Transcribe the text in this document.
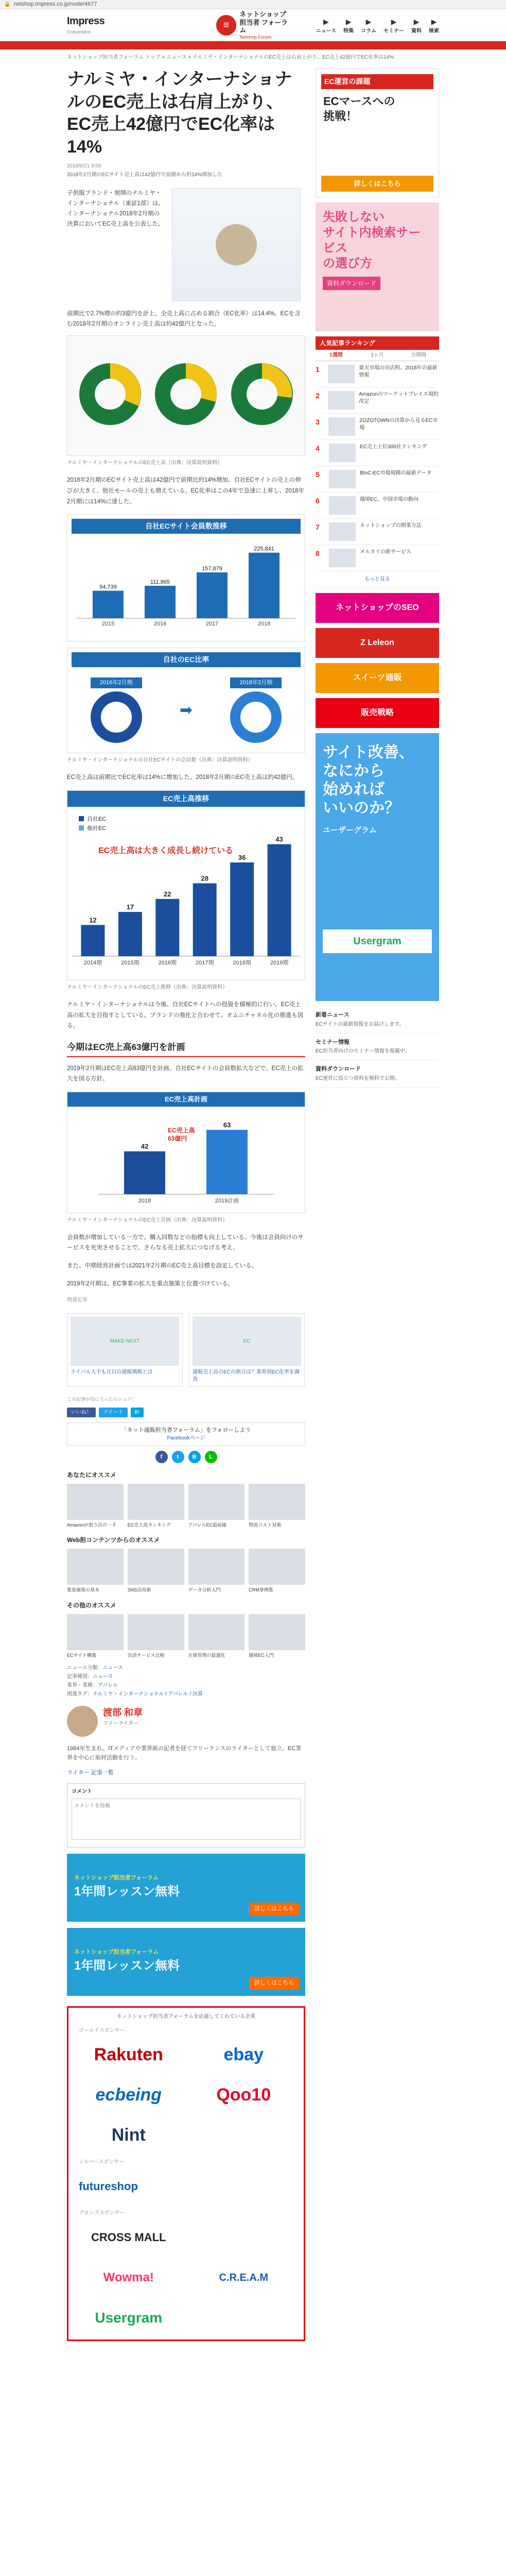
🔒 netshop.impress.co.jp/node/4677
Impress
Corporation
≡
ネットショップ
担当者 フォーラム
Netshop Forum
▶
ニュース
▶
特集
▶
コラム
▶
セミナー
▶
資料
▶
検索
ネットショップ担当者フォーラム トップ > ニュース > ナルミヤ・インターナショナルのEC売上は右肩上がり、EC売上42億円でEC化率は14%
ナルミヤ・インターナショナルのEC売上は右肩上がり、EC売上42億円でEC化率は14%
2018/6/21 9:00
2018年2月期のECサイト売上高は42億円で前期から約14%増加した
子供服ブランド・展開のナルミヤ・インターナショナル（東証1部）は、インターナショナル2018年2月期の決算においてEC売上高を公表した。
前期比で2.7%増の約3億円を計上。全売上高に占める割合（EC化率）は14.4%。ECを含む2018年2月期のオンライン売上高は約42億円となった。
ナルミヤ・インターナショナルのEC売上高（出典：決算説明資料）

2018年2月期のECサイト売上高は42億円で前期比約14%増加。自社ECサイトの売上の伸びが大きく、他社モールの売上も増えている。EC化率はこの4年で急速に上昇し、2018年2月期には14%に達した。

自社ECサイト会員数推移
94,739
2015
111,865
2016
157,879
2017
225,841
2018
自社のEC比率
2016年2月期
➡
2018年2月期
ナルミヤ・インターナショナルの自社ECサイトの会員数（出典：決算説明資料）

EC売上高は前期比でEC化率は14%に増加した。2018年2月期のEC売上高は約42億円。

EC売上高推移
自社EC
他社EC
EC売上高は大きく成長し続けている
12
2014期
17
2015期
22
2016期
28
2017期
36
2018期
43
2019期
ナルミヤ・インターナショナルのEC売上推移（出典：決算説明資料）

ナルミヤ・インターナショナルは今後、自社ECサイトへの投資を積極的に行い、EC売上高の拡大を目指すとしている。ブランドの強化と合わせて、オムニチャネル化の推進も図る。

今期はEC売上高63億円を計画

2019年2月期はEC売上高63億円を計画。自社ECサイトの会員数拡大などで、EC売上の拡大を図る方針。

EC売上高計画
42
2018
63
2019計画
EC売上高
63億円
ナルミヤ・インターナショナルのEC売上計画（出典：決算説明資料）

会員数が増加している一方で、購入回数などの指標も向上している。今後は会員向けのサービスを充実させることで、さらなる売上拡大につなげる考え。

また、中期経営計画では2021年2月期のEC売上高目標を設定している。

2019年2月期は、EC事業の拡大を重点施策と位置づけている。

関連記事
MAKE NEXT
ライバル大手も注目の通販戦略とは
EC
通販売上高のECの割合は？業界別EC化率を調査
この記事が役に立ったらシェア！
いいね！	ツイート	B!
「ネット通販担当者フォーラム」をフォローしよう
Facebookページ
f	t	B	L
あなたにオススメ
Amazonが狙う次の一手	EC売上高ランキング	アパレルEC最前線	物流コスト対策
Web担コンテンツからのオススメ
集客施策の基本	SNS活用術	データ分析入門	CRM事例集
その他のオススメ
ECサイト構築	決済サービス比較	在庫管理の最適化	越境EC入門
ニュース分類：ニュース
記事種別：ニュース
業界・業種：アパレル
関連タグ：ナルミヤ・インターナショナル / アパレル / 決算
渡部 和章
フリーライター
1984年生まれ。ITメディアや業界紙の記者を経てフリーランスのライターとして独立。EC業界を中心に取材活動を行う。
ライター 記事一覧
コメント
コメントを投稿
ネットショップ担当者フォーラム
1年間レッスン無料
詳しくはこちら
ネットショップ担当者フォーラム
1年間レッスン無料
詳しくはこちら
ネットショップ担当者フォーラムを応援してくれている企業
ゴールドスポンサー
Rakuten	ebay
ecbeing	Qoo10
Nint
シルバースポンサー
futureshop
ブロンズスポンサー
CROSS MALL
Wowma!	C.R.E.A.M
Usergram
EC運営の課題
ECマースへの
挑戦！
詳しくはこちら
失敗しない
サイト内検索サービス
の選び方
資料ダウンロード
人気記事ランキング
1週間	1ヶ月	全期間
1	楽天市場の出店料、2018年の最新情報
2	Amazonのマーケットプレイス規約改定
3	ZOZOTOWNの決算から見るEC市場
4	EC売上上位300社ランキング
5	BtoC-EC市場規模の最新データ
6	越境EC、中国市場の動向
7	ネットショップの開業方法
8	メルカリの新サービス
もっと見る
ネットショップのSEO
Z Leleon
スイーツ通販
販売戦略
サイト改善、
なにから
始めれば
いいのか？
ユーザーグラム
Usergram
新着ニュース
ECサイトの最新情報をお届けします。
セミナー情報
EC担当者向けのセミナー情報を掲載中。
資料ダウンロード
EC運営に役立つ資料を無料で公開。
